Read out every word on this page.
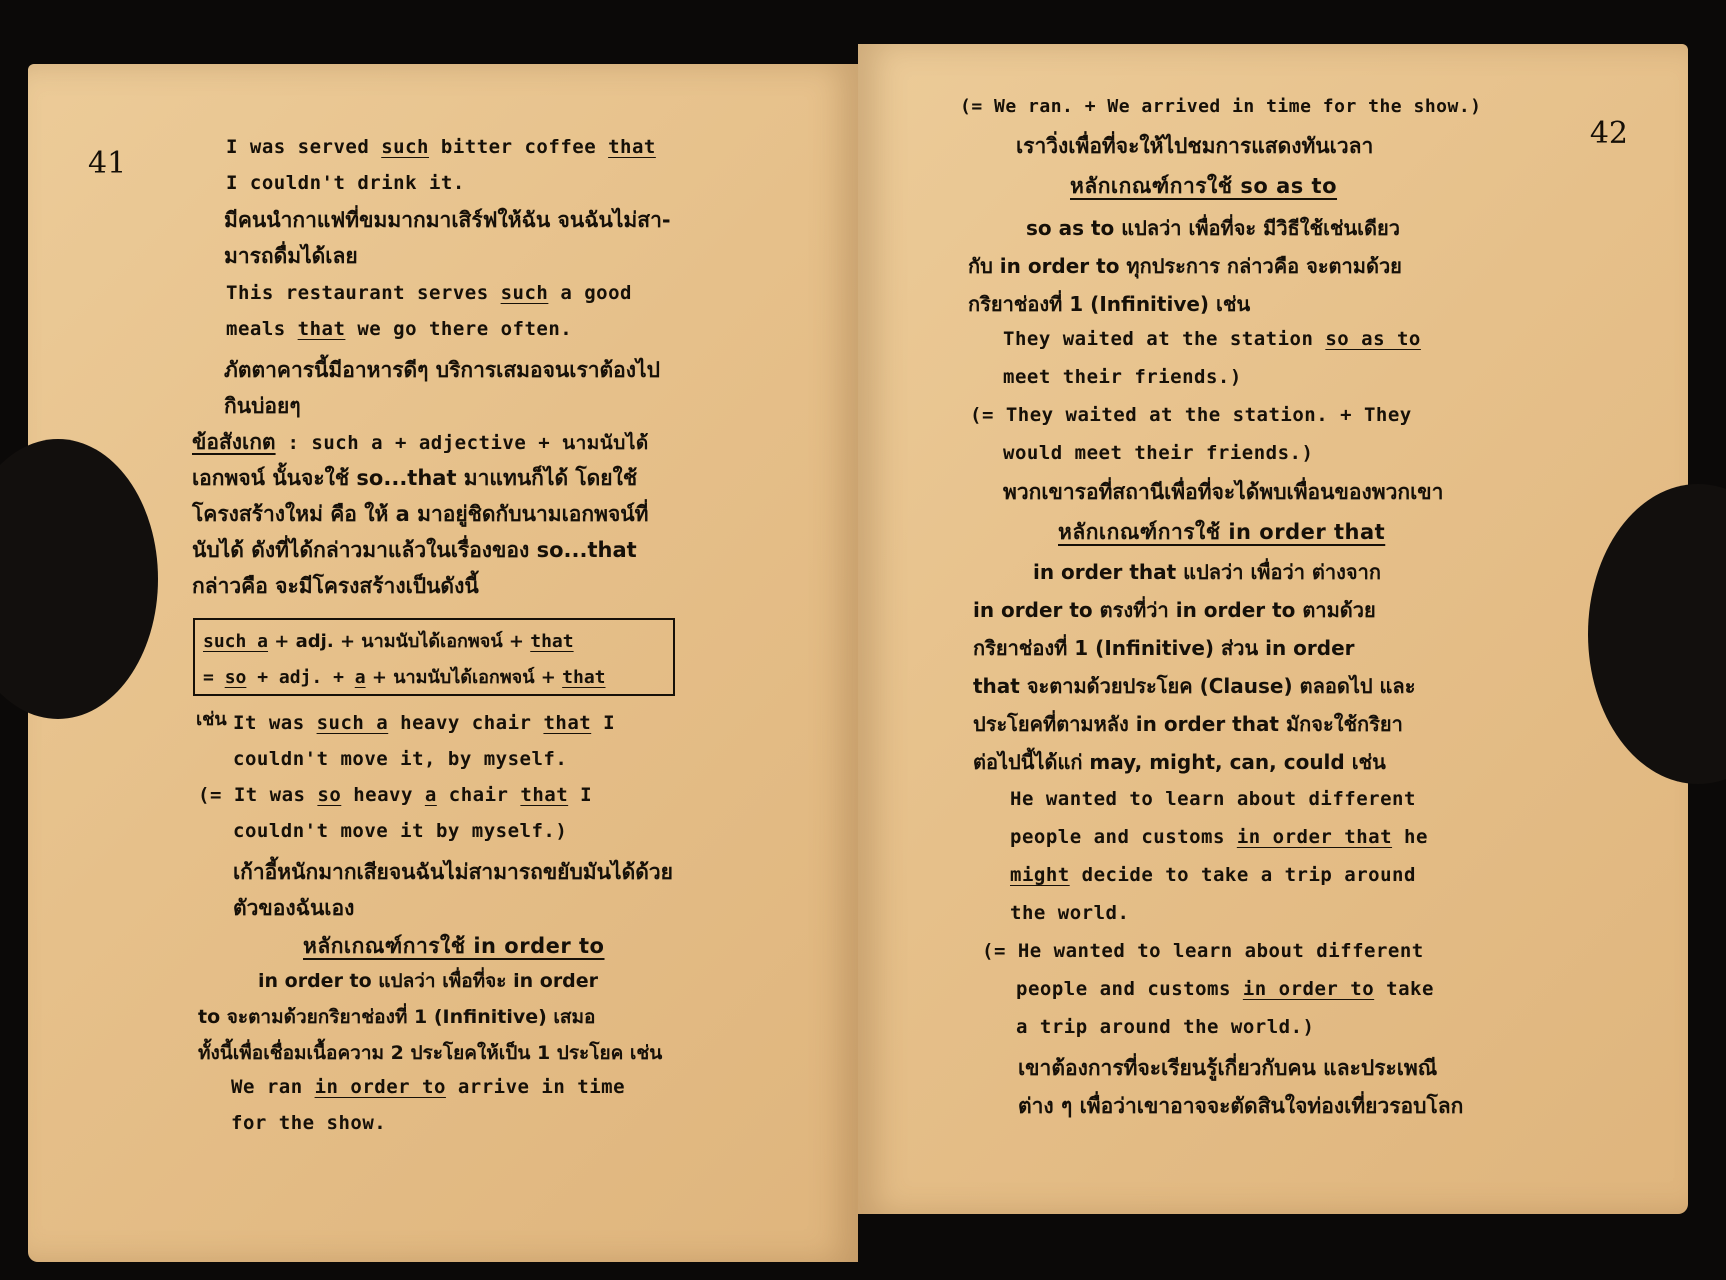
41	I was served such bitter coffee that
I couldn't drink it.
มีคนนำกาแฟที่ขมมากมาเสิร์ฟให้ฉัน จนฉันไม่สา-
มารถดื่มได้เลย
This restaurant serves such a good
meals that we go there often.
ภัตตาคารนี้มีอาหารดีๆ บริการเสมอจนเราต้องไป
กินบ่อยๆ
ข้อสังเกต : such a + adjective + นามนับได้
เอกพจน์ นั้นจะใช้ so...that มาแทนก็ได้ โดยใช้
โครงสร้างใหม่ คือ ให้ a มาอยู่ชิดกับนามเอกพจน์ที่
นับได้ ดังที่ได้กล่าวมาแล้วในเรื่องของ so...that
กล่าวคือ จะมีโครงสร้างเป็นดังนี้
such a + adj. + นามนับได้เอกพจน์ + that
= so + adj. + a + นามนับได้เอกพจน์ + that
เช่น It was such a heavy chair that I
couldn't move it, by myself.
(= It was so heavy a chair that I
couldn't move it by myself.)
เก้าอี้หนักมากเสียจนฉันไม่สามารถขยับมันได้ด้วย
ตัวของฉันเอง
หลักเกณฑ์การใช้ in order to
in order to แปลว่า เพื่อที่จะ in order
to จะตามด้วยกริยาช่องที่ 1 (Infinitive) เสมอ
ทั้งนี้เพื่อเชื่อมเนื้อความ 2 ประโยคให้เป็น 1 ประโยค เช่น
We ran in order to arrive in time
for the show.
42
(= We ran. + We arrived in time for the show.)
เราวิ่งเพื่อที่จะให้ไปชมการแสดงทันเวลา
หลักเกณฑ์การใช้ so as to
so as to แปลว่า เพื่อที่จะ มีวิธีใช้เช่นเดียว
กับ in order to ทุกประการ กล่าวคือ จะตามด้วย
กริยาช่องที่ 1 (Infinitive) เช่น
They waited at the station so as to
meet their friends.)
(= They waited at the station. + They
would meet their friends.)
พวกเขารอที่สถานีเพื่อที่จะได้พบเพื่อนของพวกเขา
หลักเกณฑ์การใช้ in order that
in order that แปลว่า เพื่อว่า ต่างจาก
in order to ตรงที่ว่า in order to ตามด้วย
กริยาช่องที่ 1 (Infinitive) ส่วน in order
that จะตามด้วยประโยค (Clause) ตลอดไป และ
ประโยคที่ตามหลัง in order that มักจะใช้กริยา
ต่อไปนี้ได้แก่ may, might, can, could เช่น
He wanted to learn about different
people and customs in order that he
might decide to take a trip around
the world.
(= He wanted to learn about different
people and customs in order to take
a trip around the world.)
เขาต้องการที่จะเรียนรู้เกี่ยวกับคน และประเพณี
ต่าง ๆ เพื่อว่าเขาอาจจะตัดสินใจท่องเที่ยวรอบโลก
